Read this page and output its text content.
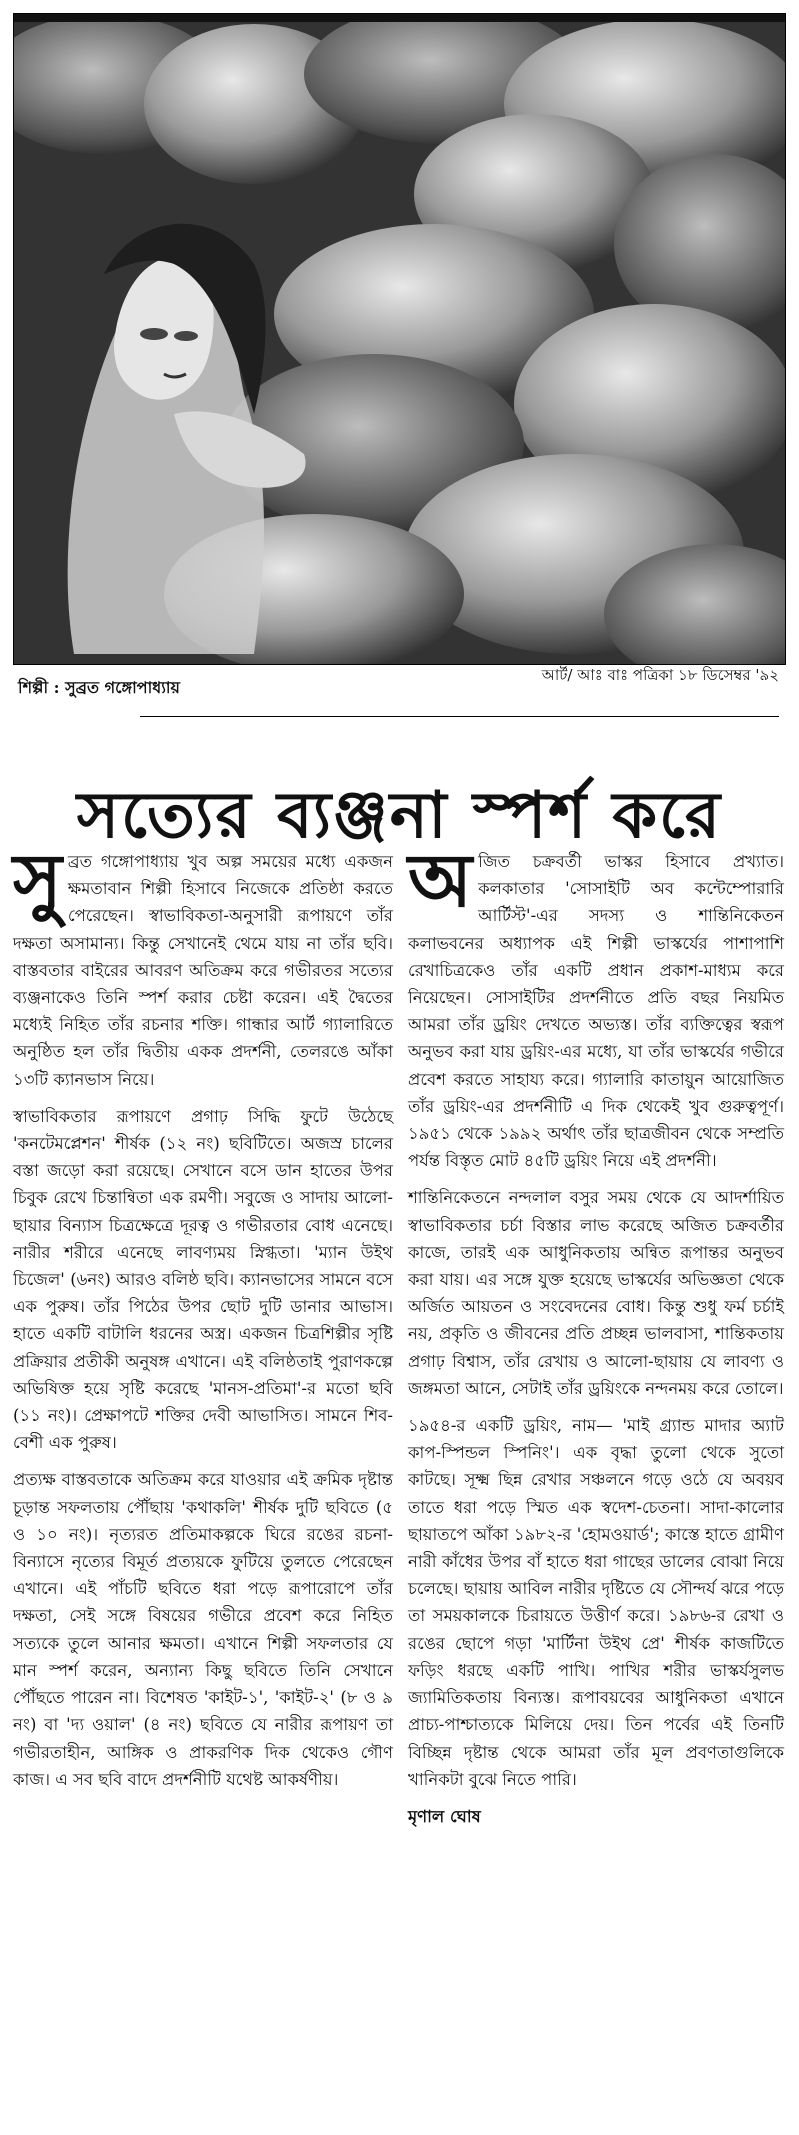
শিল্পী : সুব্রত গঙ্গোপাধ্যায়
আর্ট/ আঃ বাঃ পত্রিকা ১৮ ডিসেম্বর '৯২
সত্যের ব্যঞ্জনা স্পর্শ করে

সুব্রত গঙ্গোপাধ্যায় খুব অল্প সময়ের মধ্যে একজন ক্ষমতাবান শিল্পী হিসাবে নিজেকে প্রতিষ্ঠা করতে পেরেছেন। স্বাভাবিকতা-অনুসারী রূপায়ণে তাঁর দক্ষতা অসামান্য। কিন্তু সেখানেই থেমে যায় না তাঁর ছবি। বাস্তবতার বাইরের আবরণ অতিক্রম করে গভীরতর সত্যের ব্যঞ্জনাকেও তিনি স্পর্শ করার চেষ্টা করেন। এই দ্বৈতের মধ্যেই নিহিত তাঁর রচনার শক্তি। গান্ধার আর্ট গ্যালারিতে অনুষ্ঠিত হল তাঁর দ্বিতীয় একক প্রদর্শনী, তেলরঙে আঁকা ১৩টি ক্যানভাস নিয়ে।

স্বাভাবিকতার রূপায়ণে প্রগাঢ় সিদ্ধি ফুটে উঠেছে 'কনটেমপ্লেশন' শীর্ষক (১২ নং) ছবিটিতে। অজস্র চালের বস্তা জড়ো করা রয়েছে। সেখানে বসে ডান হাতের উপর চিবুক রেখে চিন্তান্বিতা এক রমণী। সবুজে ও সাদায় আলো-ছায়ার বিন্যাস চিত্রক্ষেত্রে দূরত্ব ও গভীরতার বোধ এনেছে। নারীর শরীরে এনেছে লাবণ্যময় স্নিগ্ধতা। 'ম্যান উইথ চিজেল' (৬নং) আরও বলিষ্ঠ ছবি। ক্যানভাসের সামনে বসে এক পুরুষ। তাঁর পিঠের উপর ছোট দুটি ডানার আভাস। হাতে একটি বাটালি ধরনের অস্ত্র। একজন চিত্রশিল্পীর সৃষ্টি প্রক্রিয়ার প্রতীকী অনুষঙ্গ এখানে। এই বলিষ্ঠতাই পুরাণকল্পে অভিষিক্ত হয়ে সৃষ্টি করেছে 'মানস-প্রতিমা'-র মতো ছবি (১১ নং)। প্রেক্ষাপটে শক্তির দেবী আভাসিত। সামনে শিব-বেশী এক পুরুষ।

প্রত্যক্ষ বাস্তবতাকে অতিক্রম করে যাওয়ার এই ক্রমিক দৃষ্টান্ত চূড়ান্ত সফলতায় পৌঁছায় 'কথাকলি' শীর্ষক দুটি ছবিতে (৫ ও ১০ নং)। নৃত্যরত প্রতিমাকল্পকে ঘিরে রঙের রচনা-বিন্যাসে নৃত্যের বিমূর্ত প্রত্যয়কে ফুটিয়ে তুলতে পেরেছেন এখানে। এই পাঁচটি ছবিতে ধরা পড়ে রূপারোপে তাঁর দক্ষতা, সেই সঙ্গে বিষয়ের গভীরে প্রবেশ করে নিহিত সত্যকে তুলে আনার ক্ষমতা। এখানে শিল্পী সফলতার যে মান স্পর্শ করেন, অন্যান্য কিছু ছবিতে তিনি সেখানে পৌঁছতে পারেন না। বিশেষত 'কাইট-১', 'কাইট-২' (৮ ও ৯ নং) বা 'দ্য ওয়াল' (৪ নং) ছবিতে যে নারীর রূপায়ণ তা গভীরতাহীন, আঙ্গিক ও প্রাকরণিক দিক থেকেও গৌণ কাজ। এ সব ছবি বাদে প্রদর্শনীটি যথেষ্ট আকর্ষণীয়।

অজিত চক্রবর্তী ভাস্কর হিসাবে প্রখ্যাত। কলকাতার 'সোসাইটি অব কন্টেম্পোরারি আর্টিস্ট'-এর সদস্য ও শান্তিনিকেতন কলাভবনের অধ্যাপক এই শিল্পী ভাস্কর্যের পাশাপাশি রেখাচিত্রকেও তাঁর একটি প্রধান প্রকাশ-মাধ্যম করে নিয়েছেন। সোসাইটির প্রদর্শনীতে প্রতি বছর নিয়মিত আমরা তাঁর ড্রয়িং দেখতে অভ্যস্ত। তাঁর ব্যক্তিত্বের স্বরূপ অনুভব করা যায় ড্রয়িং-এর মধ্যে, যা তাঁর ভাস্কর্যের গভীরে প্রবেশ করতে সাহায্য করে। গ্যালারি কাতায়ুন আয়োজিত তাঁর ড্রয়িং-এর প্রদর্শনীটি এ দিক থেকেই খুব গুরুত্বপূর্ণ। ১৯৫১ থেকে ১৯৯২ অর্থাৎ তাঁর ছাত্রজীবন থেকে সম্প্রতি পর্যন্ত বিস্তৃত মোট ৪৫টি ড্রয়িং নিয়ে এই প্রদর্শনী।

শান্তিনিকেতনে নন্দলাল বসুর সময় থেকে যে আদর্শায়িত স্বাভাবিকতার চর্চা বিস্তার লাভ করেছে অজিত চক্রবর্তীর কাজে, তারই এক আধুনিকতায় অন্বিত রূপান্তর অনুভব করা যায়। এর সঙ্গে যুক্ত হয়েছে ভাস্কর্যের অভিজ্ঞতা থেকে অর্জিত আয়তন ও সংবেদনের বোধ। কিন্তু শুধু ফর্ম চর্চাই নয়, প্রকৃতি ও জীবনের প্রতি প্রচ্ছন্ন ভালবাসা, শান্তিকতায় প্রগাঢ় বিশ্বাস, তাঁর রেখায় ও আলো-ছায়ায় যে লাবণ্য ও জঙ্গমতা আনে, সেটাই তাঁর ড্রয়িংকে নন্দনময় করে তোলে।

১৯৫৪-র একটি ড্রয়িং, নাম— 'মাই গ্র্যান্ড মাদার অ্যাট কাপ-স্পিন্ডল স্পিনিং'। এক বৃদ্ধা তুলো থেকে সুতো কাটছে। সূক্ষ্ম ছিন্ন রেখার সঞ্চলনে গড়ে ওঠে যে অবয়ব তাতে ধরা পড়ে স্মিত এক স্বদেশ-চেতনা। সাদা-কালোর ছায়াতপে আঁকা ১৯৮২-র 'হোমওয়ার্ড'; কাস্তে হাতে গ্রামীণ নারী কাঁধের উপর বাঁ হাতে ধরা গাছের ডালের বোঝা নিয়ে চলেছে। ছায়ায় আবিল নারীর দৃষ্টিতে যে সৌন্দর্য ঝরে পড়ে তা সময়কালকে চিরায়তে উত্তীর্ণ করে। ১৯৮৬-র রেখা ও রঙের ছোপে গড়া 'মার্টিনা উইথ প্রে' শীর্ষক কাজটিতে ফড়িং ধরছে একটি পাখি। পাখির শরীর ভাস্কর্যসুলভ জ্যামিতিকতায় বিন্যস্ত। রূপাবয়বের আধুনিকতা এখানে প্রাচ্য-পাশ্চাত্যকে মিলিয়ে দেয়। তিন পর্বের এই তিনটি বিচ্ছিন্ন দৃষ্টান্ত থেকে আমরা তাঁর মূল প্রবণতাগুলিকে খানিকটা বুঝে নিতে পারি।

মৃণাল ঘোষ
